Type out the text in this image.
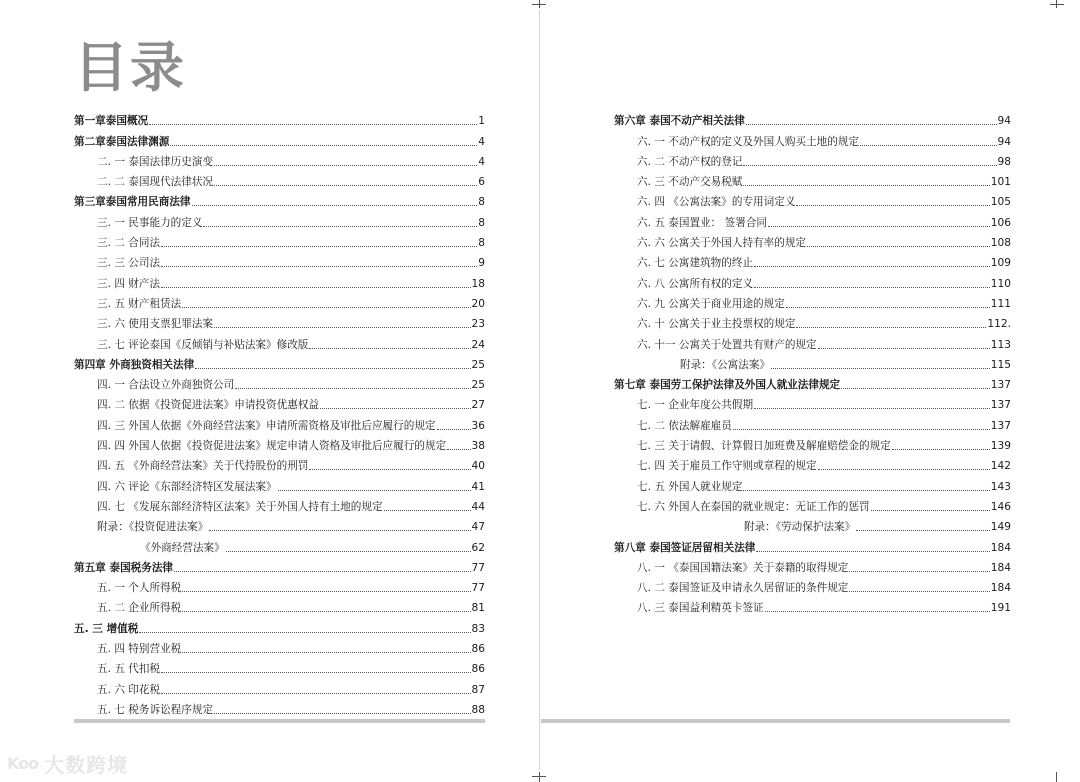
目录
第一章泰国概况	1
第二章泰国法律渊源	4
二. 一 泰国法律历史演变	4
二. 二 泰国现代法律状况	6
第三章泰国常用民商法律	8
三. 一 民事能力的定义	8
三. 二 合同法	8
三. 三 公司法	9
三. 四 财产法	18
三. 五 财产租赁法	20
三. 六 使用支票犯罪法案	23
三. 七 评论泰国《反倾销与补贴法案》修改版	24
第四章 外商独资相关法律	25
四. 一 合法设立外商独资公司	25
四. 二 依据《投资促进法案》申请投资优惠权益	27
四. 三 外国人依据《外商经营法案》申请所需资格及审批后应履行的规定	36
四. 四 外国人依据《投资促进法案》规定申请人资格及审批后应履行的规定 38
四. 五 《外商经营法案》关于代持股份的刑罚	40
四. 六 评论《东部经济特区发展法案》	41
四. 七 《发展东部经济特区法案》关于外国人持有土地的规定	44
附录：《投资促进法案》	47
《外商经营法案》	62
第五章 泰国税务法律	77
五. 一 个人所得税	77
五. 二 企业所得税	81
五. 三 增值税	83
五. 四 特别营业税	86
五. 五 代扣税	86
五. 六 印花税	87
五. 七 税务诉讼程序规定	88
第六章 泰国不动产相关法律	94
六. 一 不动产权的定义及外国人购买土地的规定	94
六. 二 不动产权的登记	98
六. 三 不动产交易税赋	101
六. 四 《公寓法案》的专用词定义	105
六. 五 泰国置业： 签署合同	106
六. 六 公寓关于外国人持有率的规定	108
六. 七 公寓建筑物的终止	109
六. 八 公寓所有权的定义	110
六. 九 公寓关于商业用途的规定	111
六. 十 公寓关于业主投票权的规定	112.
六. 十一 公寓关于处置共有财产的规定	113
附录：《公寓法案》	115
第七章 泰国劳工保护法律及外国人就业法律规定	137
七. 一 企业年度公共假期	137
七. 二 依法解雇雇员	137
七. 三 关于请假、计算假日加班费及解雇赔偿金的规定	139
七. 四 关于雇员工作守则或章程的规定	142
七. 五 外国人就业规定	143
七. 六 外国人在泰国的就业规定：无证工作的惩罚	146
附录：《劳动保护法案》	149
第八章 泰国签证居留相关法律	184
八. 一 《泰国国籍法案》关于泰籍的取得规定	184
八. 二 泰国签证及申请永久居留证的条件规定	184
八. 三 泰国益利精英卡签证	191
Koo 大数跨境
